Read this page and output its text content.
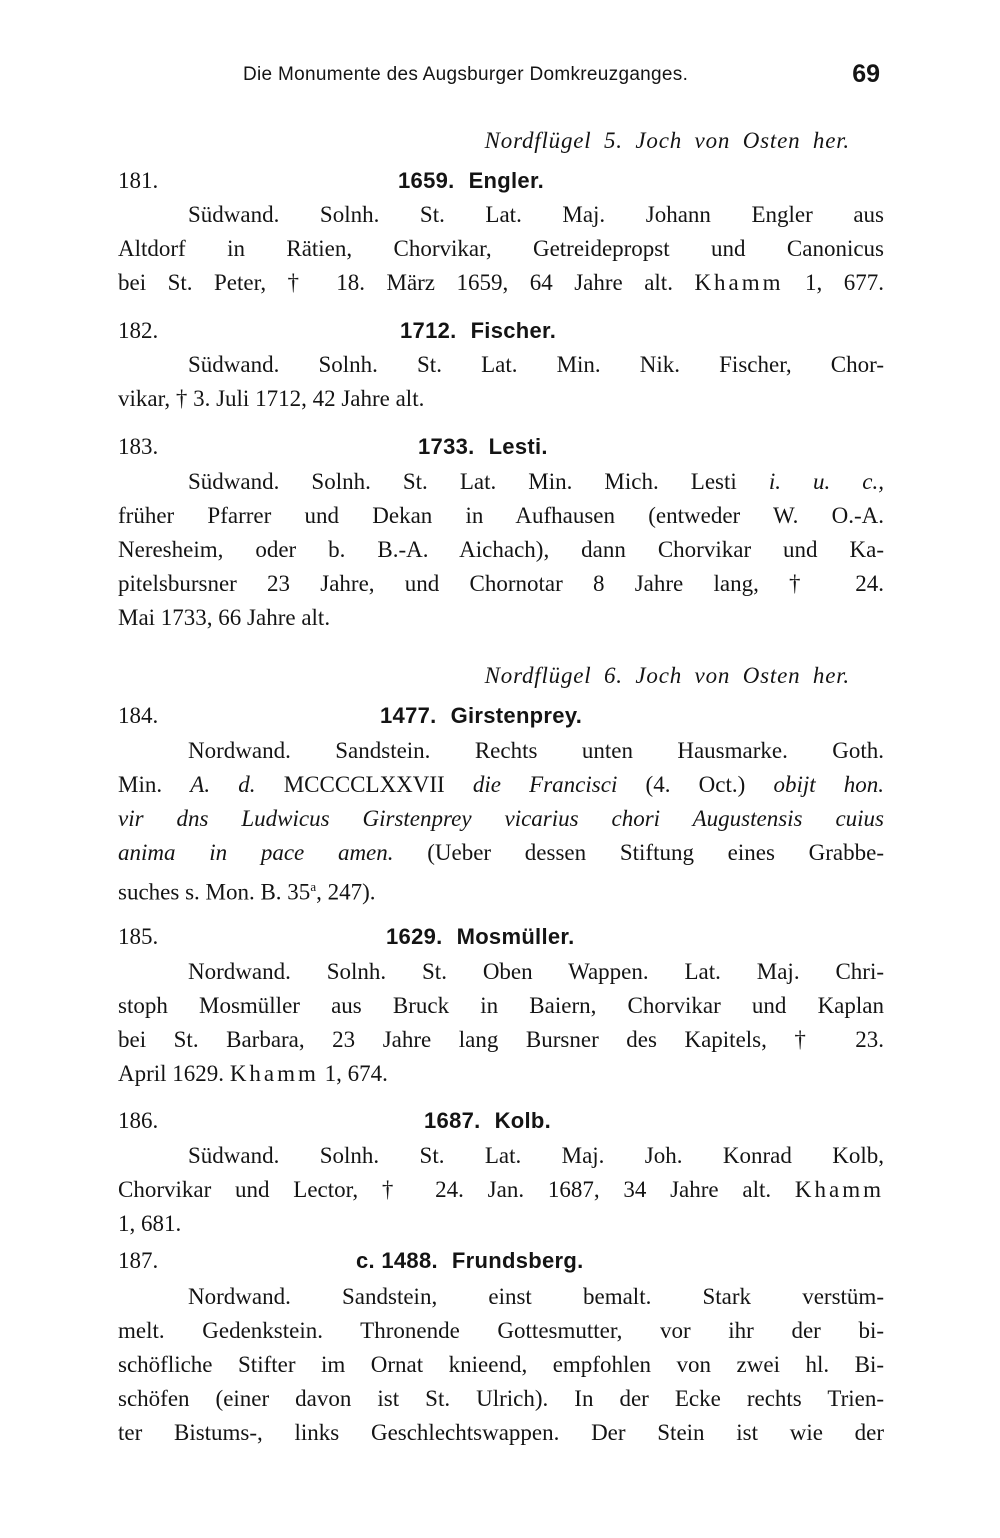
Die Monumente des Augsburger Domkreuzganges.	69
Nordflügel 5. Joch von Osten her.
181.	1659. Engler.
Südwand. Solnh. St. Lat. Maj. Johann Engler aus
Altdorf in Rätien, Chorvikar, Getreidepropst und Canonicus
bei St. Peter, † 18. März 1659, 64 Jahre alt. Khamm 1, 677.
182.	1712. Fischer.
Südwand. Solnh. St. Lat. Min. Nik. Fischer, Chor-
vikar, † 3. Juli 1712, 42 Jahre alt.
183.	1733. Lesti.
Südwand. Solnh. St. Lat. Min. Mich. Lesti i. u. c.,
früher Pfarrer und Dekan in Aufhausen (entweder W. O.-A.
Neresheim, oder b. B.-A. Aichach), dann Chorvikar und Ka-
pitelsbursner 23 Jahre, und Chornotar 8 Jahre lang, † 24.
Mai 1733, 66 Jahre alt.
Nordflügel 6. Joch von Osten her.
184.	1477. Girstenprey.
Nordwand. Sandstein. Rechts unten Hausmarke. Goth.
Min. A. d. MCCCCLXXVII die Francisci (4. Oct.) obijt hon.
vir dns Ludwicus Girstenprey vicarius chori Augustensis cuius
anima in pace amen. (Ueber dessen Stiftung eines Grabbe-
suches s. Mon. B. 35$^a$, 247).
185.	1629. Mosmüller.
Nordwand. Solnh. St. Oben Wappen. Lat. Maj. Chri-
stoph Mosmüller aus Bruck in Baiern, Chorvikar und Kaplan
bei St. Barbara, 23 Jahre lang Bursner des Kapitels, † 23.
April 1629. Khamm 1, 674.
186.	1687. Kolb.
Südwand. Solnh. St. Lat. Maj. Joh. Konrad Kolb,
Chorvikar und Lector, † 24. Jan. 1687, 34 Jahre alt. Khamm
1, 681.
187.	c. 1488. Frundsberg.
Nordwand. Sandstein, einst bemalt. Stark verstüm-
melt. Gedenkstein. Thronende Gottesmutter, vor ihr der bi-
schöfliche Stifter im Ornat knieend, empfohlen von zwei hl. Bi-
schöfen (einer davon ist St. Ulrich). In der Ecke rechts Trien-
ter Bistums-, links Geschlechtswappen. Der Stein ist wie der
